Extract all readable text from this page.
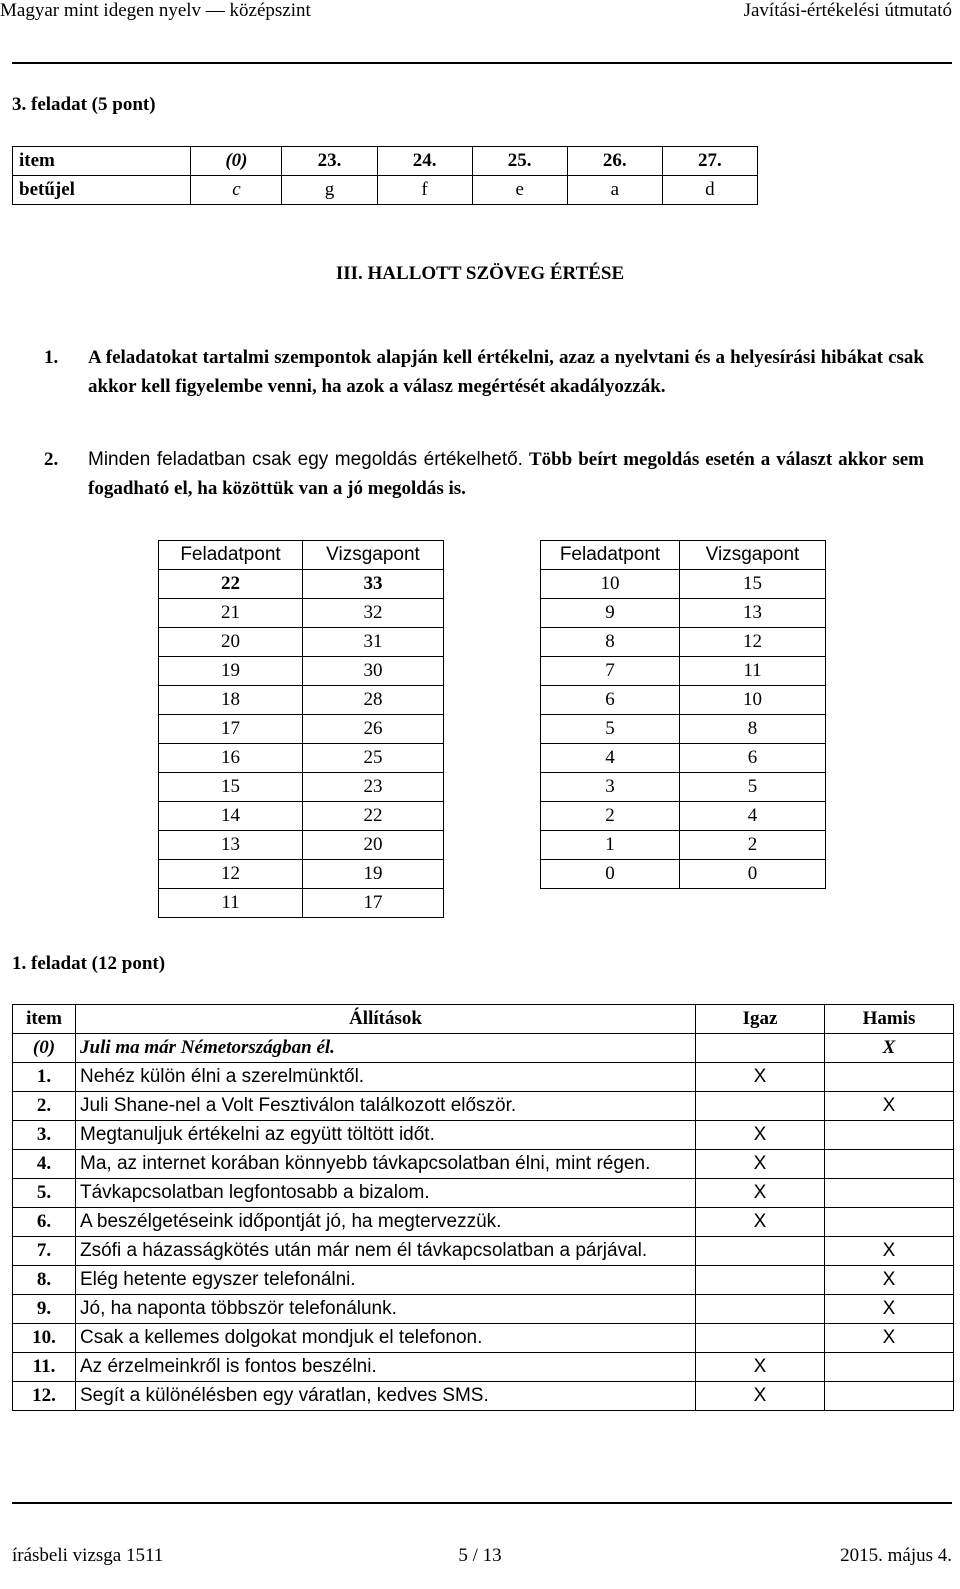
Magyar mint idegen nyelv — középszint	Javítási-értékelési útmutató
3. feladat (5 pont)
item	(0)	23.	24.	25.	26.	27.
betűjel	c	g	f	e	a	d
III. HALLOTT SZÖVEG ÉRTÉSE
1.	A feladatokat tartalmi szempontok alapján kell értékelni, azaz a nyelvtani és a helyesírási hibákat csak akkor kell figyelembe venni, ha azok a válasz megértését akadályozzák.
2.	Minden feladatban csak egy megoldás értékelhető. Több beírt megoldás esetén a választ akkor sem fogadható el, ha közöttük van a jó megoldás is.
Feladatpont	Vizsgapont
22	33
21	32
20	31
19	30
18	28
17	26
16	25
15	23
14	22
13	20
12	19
11	17
Feladatpont	Vizsgapont
10	15
9	13
8	12
7	11
6	10
5	8
4	6
3	5
2	4
1	2
0	0
1. feladat (12 pont)
item	Állítások	Igaz	Hamis
(0)	Juli ma már Németországban él.		X
1.	Nehéz külön élni a szerelmünktől.	X	
2.	Juli Shane-nel a Volt Fesztiválon találkozott először.		X
3.	Megtanuljuk értékelni az együtt töltött időt.	X	
4.	Ma, az internet korában könnyebb távkapcsolatban élni, mint régen.	X	
5.	Távkapcsolatban legfontosabb a bizalom.	X	
6.	A beszélgetéseink időpontját jó, ha megtervezzük.	X	
7.	Zsófi a házasságkötés után már nem él távkapcsolatban a párjával.		X
8.	Elég hetente egyszer telefonálni.		X
9.	Jó, ha naponta többször telefonálunk.		X
10.	Csak a kellemes dolgokat mondjuk el telefonon.		X
11.	Az érzelmeinkről is fontos beszélni.	X	
12.	Segít a különélésben egy váratlan, kedves SMS.	X	
írásbeli vizsga 1511	5 / 13	2015. május 4.
